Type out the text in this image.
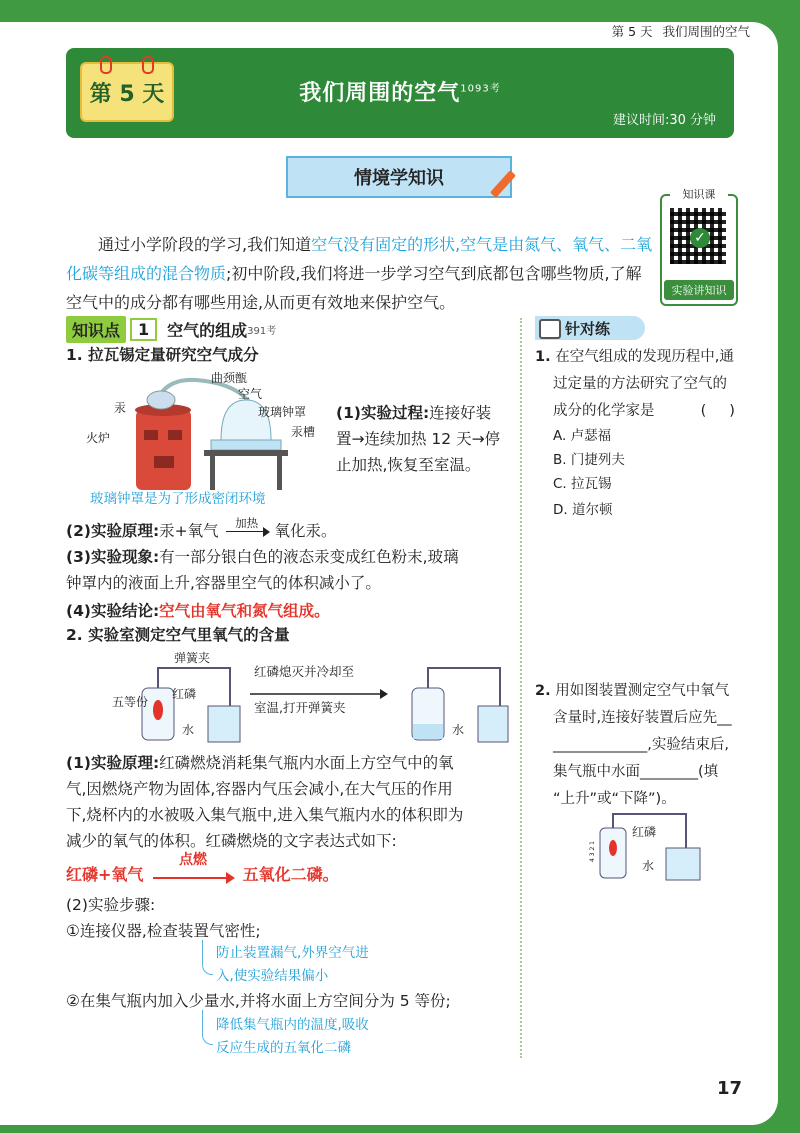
第 5 天 我们周围的空气
第 5 天	我们周围的空气$^{1093考}$
建议时间:30 分钟
情境学知识
知识课
✓
实验讲知识
通过小学阶段的学习,我们知道空气没有固定的形状,空气是由氮气、氧气、二氧化碳等组成的混合物质;初中阶段,我们将进一步学习空气到底都包含哪些物质,了解空气中的成分都有哪些用途,从而更有效地来保护空气。
知识点	1	空气的组成 391考
1. 拉瓦锡定量研究空气成分
曲颈甑
空气
汞	玻璃钟罩
火炉	汞槽
(1)实验过程:连接好装
置→连续加热 12 天→停
止加热,恢复至室温。
玻璃钟罩是为了形成密闭环境
(2)实验原理:汞+氧气	加热	氧化汞。
(3)实验现象:有一部分银白色的液态汞变成红色粉末,玻璃
钟罩内的液面上升,容器里空气的体积减小了。
(4)实验结论:空气由氧气和氮气组成。
2. 实验室测定空气里氧气的含量
弹簧夹
红磷
五等份
水	水
红磷熄灭并冷却至
室温,打开弹簧夹
(1)实验原理:红磷燃烧消耗集气瓶内水面上方空气中的氧
气,因燃烧产物为固体,容器内气压会减小,在大气压的作用
下,烧杯内的水被吸入集气瓶中,进入集气瓶内水的体积即为
减少的氧气的体积。红磷燃烧的文字表达式如下:
红磷+氧气
点燃
五氧化二磷。
(2)实验步骤:
①连接仪器,检查装置气密性;
防止装置漏气,外界空气进
入,使实验结果偏小
②在集气瓶内加入少量水,并将水面上方空间分为 5 等份;
降低集气瓶内的温度,吸收
反应生成的五氧化二磷
针对练
1. 在空气组成的发现历程中,通
过定量的方法研究了空气的
成分的化学家是          (     )
A. 卢瑟福
B. 门捷列夫
C. 拉瓦锡
D. 道尔顿
2. 用如图装置测定空气中氧气
含量时,连接好装置后应先__
_____________,实验结束后,
集气瓶中水面________(填
“上升”或“下降”)。
4 3 2 1
红磷
水
17
